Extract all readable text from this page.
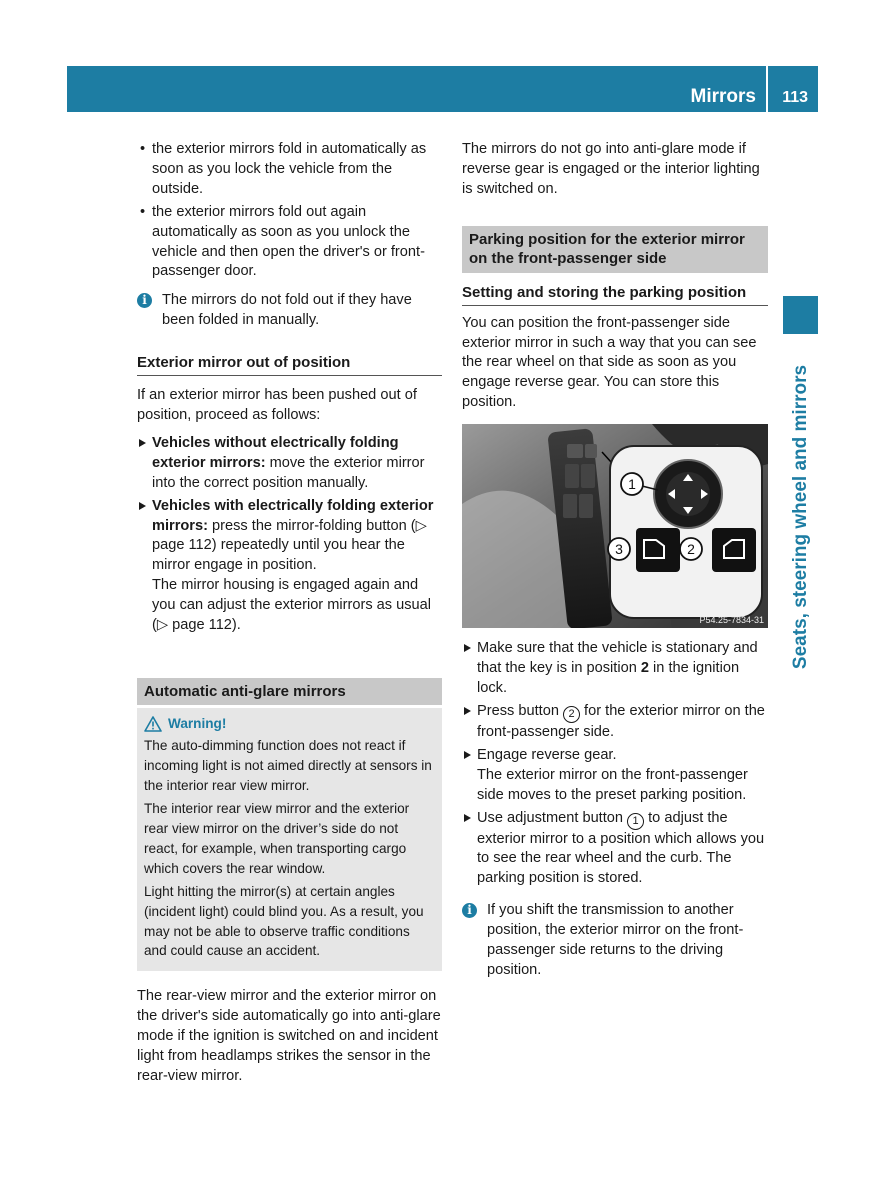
Mirrors 113
Seats, steering wheel and mirrors

• the exterior mirrors fold in automatically as soon as you lock the vehicle from the outside.

• the exterior mirrors fold out again automatically as soon as you unlock the vehicle and then open the driver's or front-passenger door.

i	The mirrors do not fold out if they have been folded in manually.

Exterior mirror out of position

If an exterior mirror has been pushed out of position, proceed as follows:

Vehicles without electrically folding exterior mirrors: move the exterior mirror into the correct position manually.

Vehicles with electrically folding exterior mirrors: press the mirror-folding button (▷ page 112) repeatedly until you hear the mirror engage in position.

The mirror housing is engaged again and you can adjust the exterior mirrors as usual (▷ page 112).

Automatic anti-glare mirrors
Warning!

The auto-dimming function does not react if incoming light is not aimed directly at sensors in the interior rear view mirror.

The interior rear view mirror and the exterior rear view mirror on the driver’s side do not react, for example, when transporting cargo which covers the rear window.

Light hitting the mirror(s) at certain angles (incident light) could blind you. As a result, you may not be able to observe traffic conditions and could cause an accident.

The rear-view mirror and the exterior mirror on the driver's side automatically go into anti-glare mode if the ignition is switched on and incident light from headlamps strikes the sensor in the rear-view mirror.

The mirrors do not go into anti-glare mode if reverse gear is engaged or the interior lighting is switched on.

Parking position for the exterior mirror on the front-passenger side
Setting and storing the parking position

You can position the front-passenger side exterior mirror in such a way that you can see the rear wheel on that side as soon as you engage reverse gear. You can store this position.

1
3	2
P54.25-7834-31

Make sure that the vehicle is stationary and that the key is in position 2 in the ignition lock.

Press button 2 for the exterior mirror on the front-passenger side.

Engage reverse gear.

The exterior mirror on the front-passenger side moves to the preset parking position.

Use adjustment button 1 to adjust the exterior mirror to a position which allows you to see the rear wheel and the curb. The parking position is stored.

i	If you shift the transmission to another position, the exterior mirror on the front-passenger side returns to the driving position.
